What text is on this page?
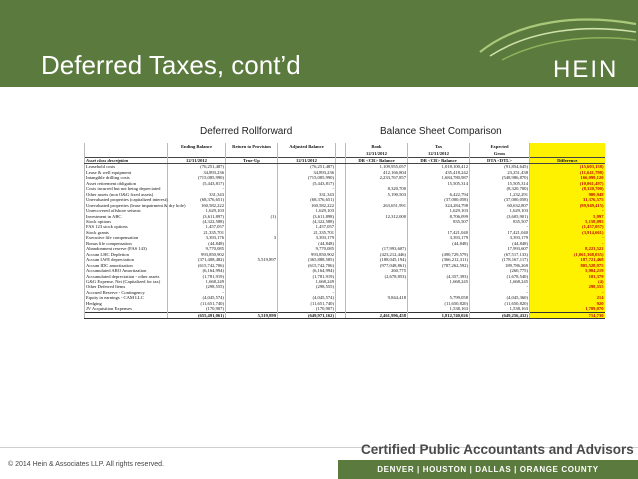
Deferred Taxes, cont’d	HEIN
Deferred Rollforward	Balance Sheet Comparison
	Ending Balance	Return to Provision	Adjusted Balance		Book	Tax	Expected	
					12/31/2012	12/31/2012	Gross	
Asset class description	12/31/2012	True-Up	12/31/2012		DR <CR> Balance	DR <CR> Balance	DTA <DTL>	Difference
Leasehold costs	(76,251,487)		(76,251,487)		1,109,955,057	1,018,100,412	(91,854,645)	(15,603,158)
Lease & well equipment	34,893,236		34,893,236		412,166,804	435,418,242	23,251,438	(11,641,798)
Intangible drilling costs	(715,085,990)		(715,085,990)		2,233,767,857	1,684,780,987	(548,986,870)	166,099,120
Asset retirement obligation	(5,443,817)		(5,443,817)			15,505,314	15,505,314	(10,061,497)
Costs incurred but not being depreciated	-		-		8,320,700		(8,320,700)	(8,320,700)
Other assets (non O&G fixed assets)	331,343		331,343		5,190,503	6,422,794	1,232,291	900,948
Unevaluated properties (capitalized interest)	(68,376,651)		(68,376,651)			(37,000,058)	(37,000,058)	31,376,575
Unevaluated properties (lease impairment & dry hole)	160,582,222		160,582,222		263,651,991	324,284,798	60,632,807	(99,949,415)
Unrecovered offshore seismic	1,629,103		1,629,103			1,629,103	1,629,103	-
Investment in ABC	(3,611,897)	(1)	(3,611,898)		12,312,000	8,706,099	(3,605,901)	5,997
Stock options	(4,322,588)		(4,322,588)			835,507	835,507	5,158,095
FAS 123 stock options	1,457,057		1,457,057				-	(1,457,057)
Stock grants	21,335,701		21,335,701			17,421,040	17,421,040	(3,914,661)
Executive life compensation	3,393,176	3	3,393,179			3,393,179	3,393,179	-
Bonus life compensation	(44,848)		(44,848)			(44,848)	(44,848)	-
Abandonment reserve (FAS 143)	9,770,085		9,770,085		(17,993,607)		17,993,607	8,223,522
Accum LHC Depletion	993,850,902		993,850,902		(423,212,446)	(490,729,579)	(67,517,133)	(1,061,368,035)
Accum LWE depreciation	(371,408,482)	5,519,897	(365,888,585)		(188,045,194)	(366,212,311)	(178,167,117)	187,721,468
Accum IDC amortization	(615,742,706)		(615,742,706)		(977,048,861)	(787,262,592)	189,786,269	805,528,975
Accumulated ARO Amortization	(6,164,994)		(6,164,994)		260,775		(260,775)	5,904,219
Accumulated depreciation - other assets	(1,781,919)		(1,781,919)		(2,678,853)	(4,357,393)	(1,678,540)	103,379
G&G Expense, Net (Capitalized for tax)	1,668,249		1,668,249			1,668,245	1,668,245	(4)
Other Deferred Items	(298,555)		(298,555)				-	298,555
Accrued Reserve - Contingency	-		-				-	-
Equity in earnings - CAM LLC	(4,045,574)		(4,045,574)		9,844,418	5,799,058	(4,045,360)	214
Hedging	(11,651,740)		(11,651,740)			(11,650,820)	(11,650,820)	920
JV Acquisition Expenses	(170,907)		(170,907)			1,538,163	1,538,163	1,709,070
	(655,491,061)	5,519,899	(649,971,162)		2,461,996,458	1,812,740,026	(649,256,432)	714,730
© 2014 Hein & Associates LLP. All rights reserved.
Certified Public Accountants and Advisors
DENVER | HOUSTON | DALLAS | ORANGE COUNTY
